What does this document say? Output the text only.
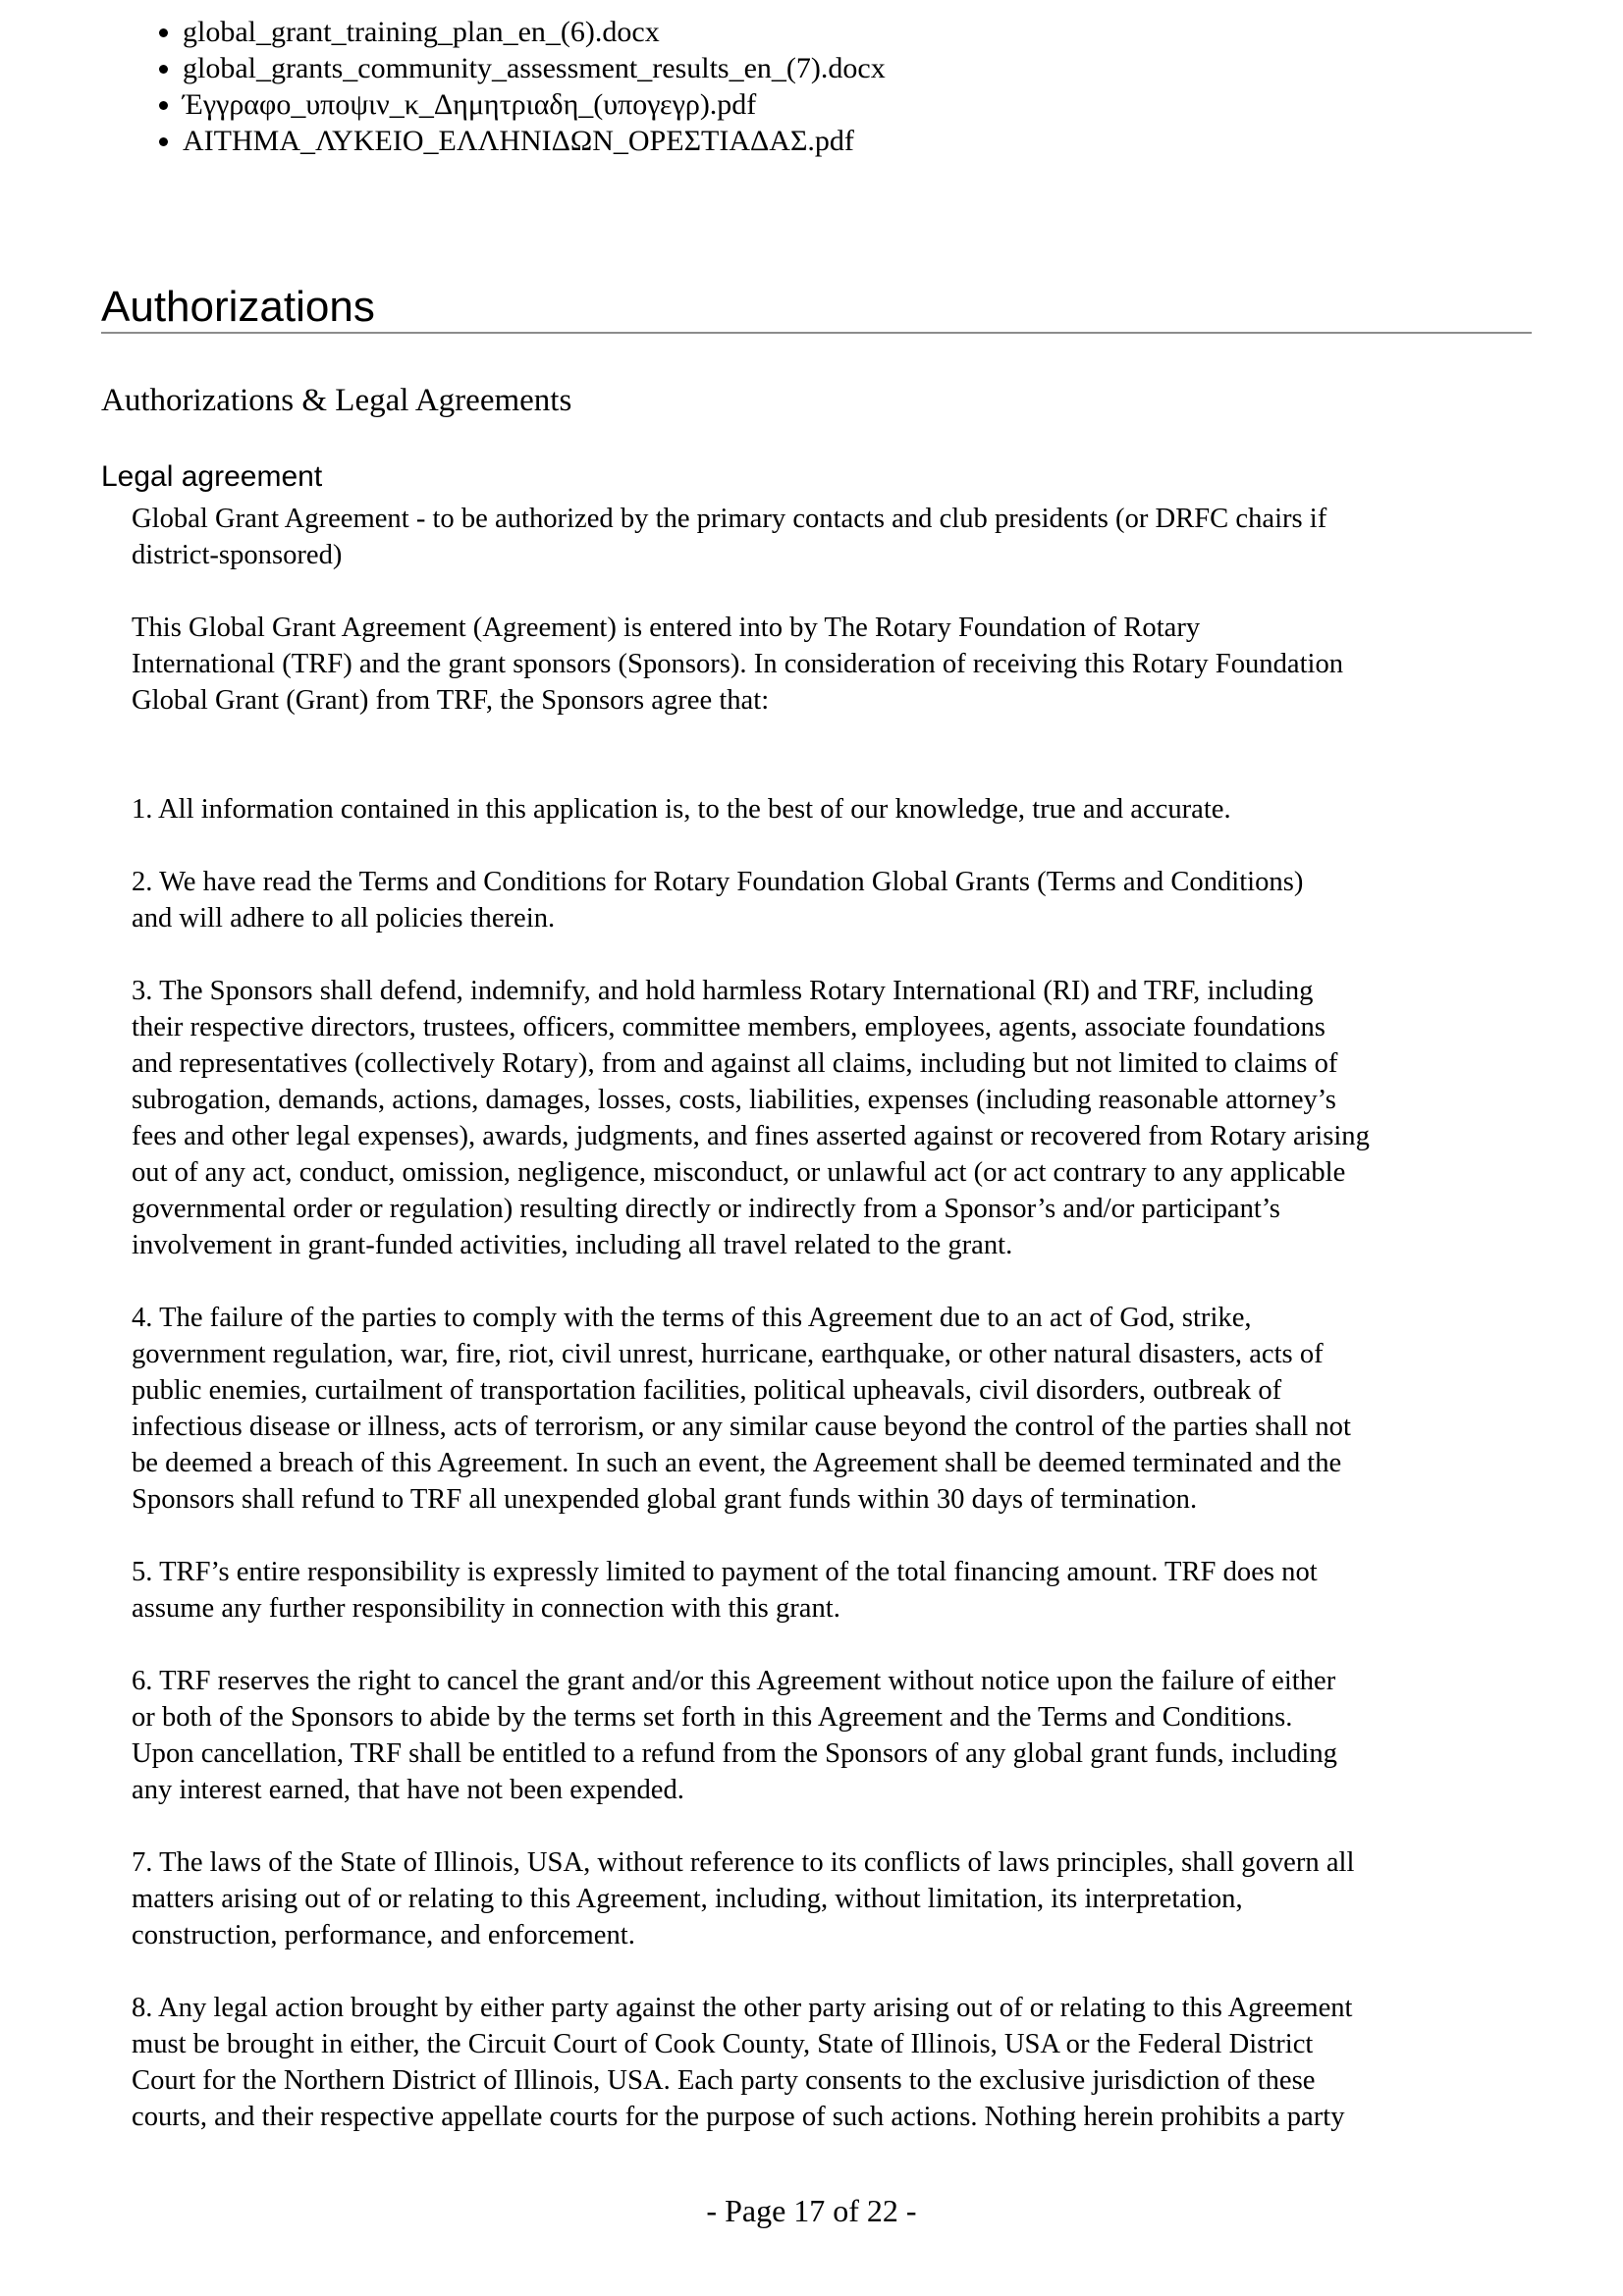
global_grant_training_plan_en_(6).docx
global_grants_community_assessment_results_en_(7).docx
Έγγραφο_υποψιν_κ_Δημητριαδη_(υπογεγρ).pdf
ΑΙΤΗΜΑ_ΛΥΚΕΙΟ_ΕΛΛΗΝΙΔΩΝ_ΟΡΕΣΤΙΑΔΑΣ.pdf
Authorizations
Authorizations & Legal Agreements
Legal agreement

Global Grant Agreement - to be authorized by the primary contacts and club presidents (or DRFC chairs if
district-sponsored)

This Global Grant Agreement (Agreement) is entered into by The Rotary Foundation of Rotary
International (TRF) and the grant sponsors (Sponsors). In consideration of receiving this Rotary Foundation
Global Grant (Grant) from TRF, the Sponsors agree that:

1. All information contained in this application is, to the best of our knowledge, true and accurate.

2. We have read the Terms and Conditions for Rotary Foundation Global Grants (Terms and Conditions)
and will adhere to all policies therein.

3. The Sponsors shall defend, indemnify, and hold harmless Rotary International (RI) and TRF, including
their respective directors, trustees, officers, committee members, employees, agents, associate foundations
and representatives (collectively Rotary), from and against all claims, including but not limited to claims of
subrogation, demands, actions, damages, losses, costs, liabilities, expenses (including reasonable attorney’s
fees and other legal expenses), awards, judgments, and fines asserted against or recovered from Rotary arising
out of any act, conduct, omission, negligence, misconduct, or unlawful act (or act contrary to any applicable
governmental order or regulation) resulting directly or indirectly from a Sponsor’s and/or participant’s
involvement in grant-funded activities, including all travel related to the grant.

4. The failure of the parties to comply with the terms of this Agreement due to an act of God, strike,
government regulation, war, fire, riot, civil unrest, hurricane, earthquake, or other natural disasters, acts of
public enemies, curtailment of transportation facilities, political upheavals, civil disorders, outbreak of
infectious disease or illness, acts of terrorism, or any similar cause beyond the control of the parties shall not
be deemed a breach of this Agreement. In such an event, the Agreement shall be deemed terminated and the
Sponsors shall refund to TRF all unexpended global grant funds within 30 days of termination.

5. TRF’s entire responsibility is expressly limited to payment of the total financing amount. TRF does not
assume any further responsibility in connection with this grant.

6. TRF reserves the right to cancel the grant and/or this Agreement without notice upon the failure of either
or both of the Sponsors to abide by the terms set forth in this Agreement and the Terms and Conditions.
Upon cancellation, TRF shall be entitled to a refund from the Sponsors of any global grant funds, including
any interest earned, that have not been expended.

7. The laws of the State of Illinois, USA, without reference to its conflicts of laws principles, shall govern all
matters arising out of or relating to this Agreement, including, without limitation, its interpretation,
construction, performance, and enforcement.

8. Any legal action brought by either party against the other party arising out of or relating to this Agreement
must be brought in either, the Circuit Court of Cook County, State of Illinois, USA or the Federal District
Court for the Northern District of Illinois, USA. Each party consents to the exclusive jurisdiction of these
courts, and their respective appellate courts for the purpose of such actions. Nothing herein prohibits a party

- Page 17 of 22 -
